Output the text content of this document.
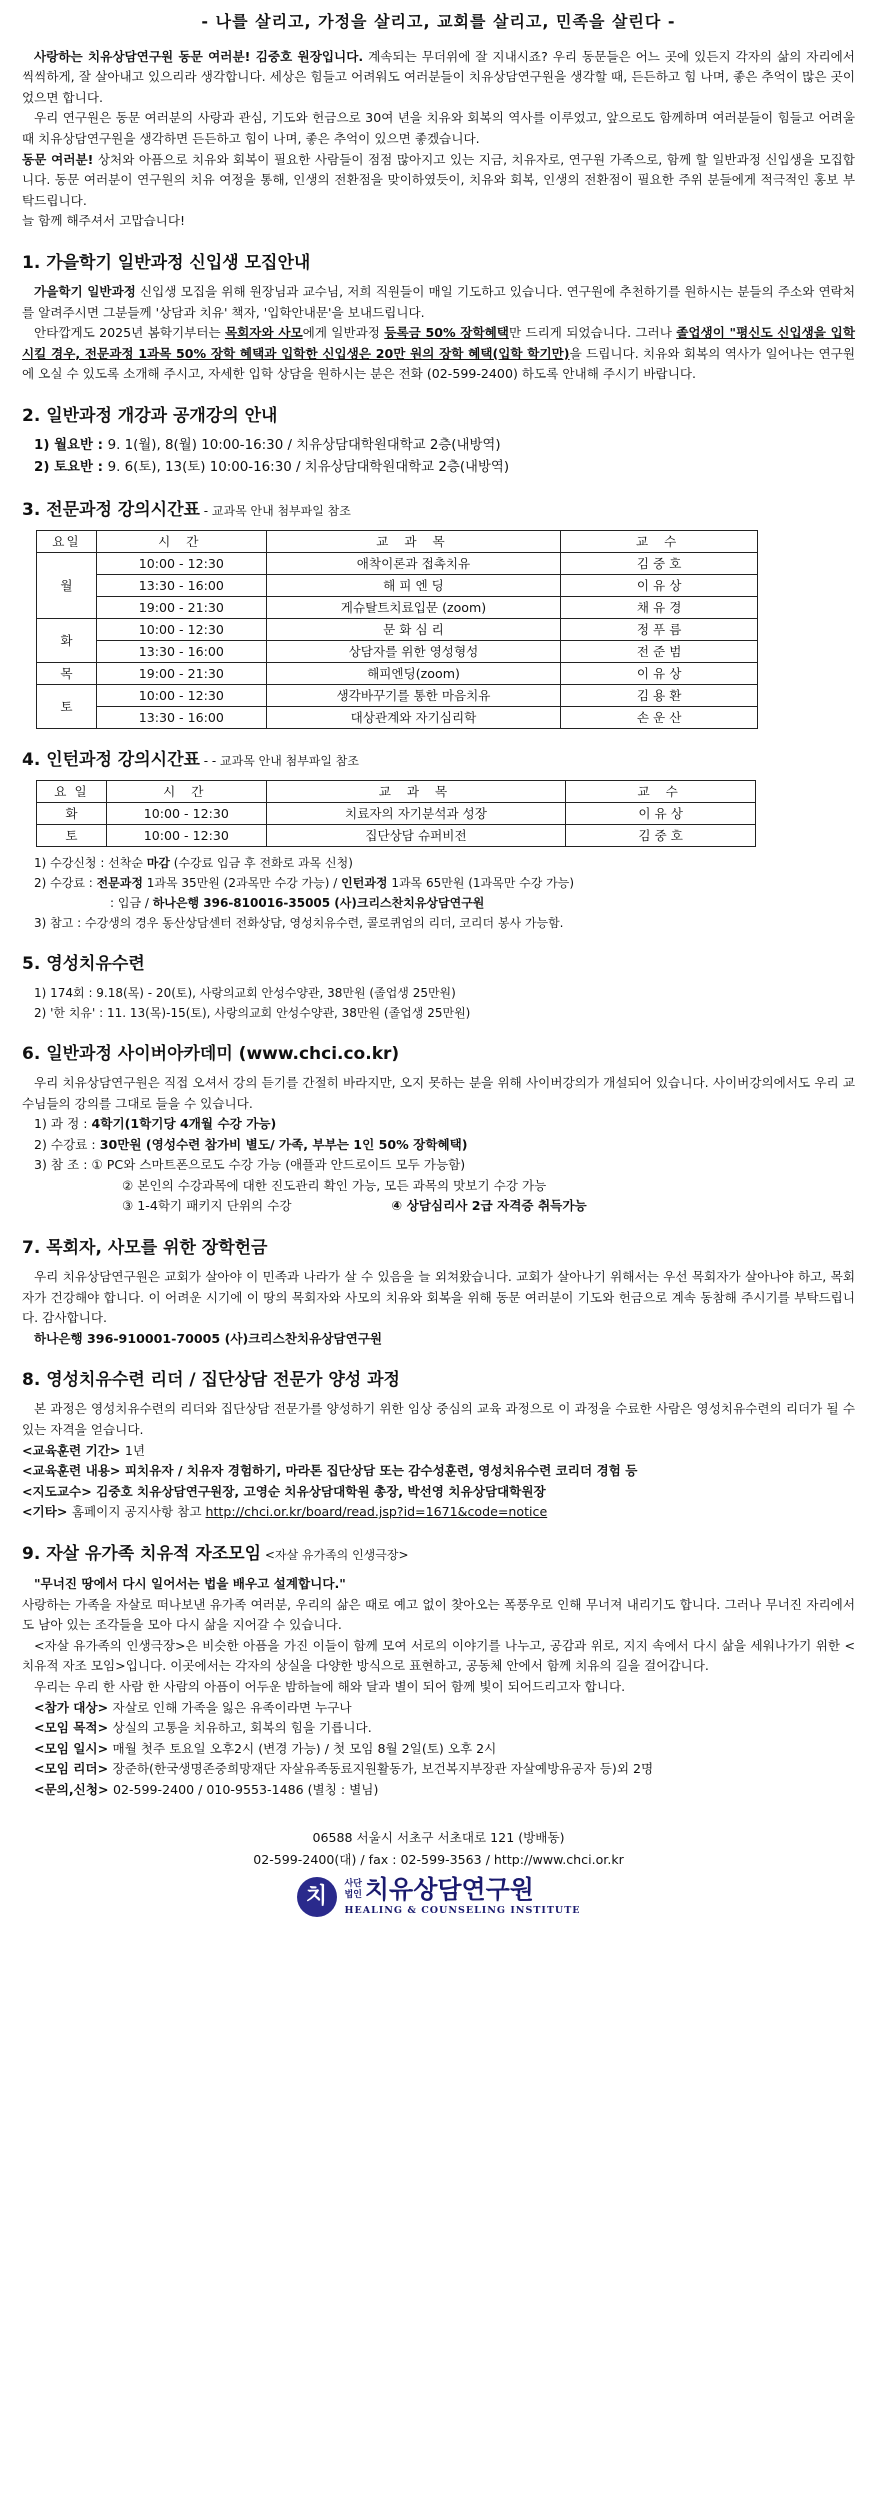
- 나를 살리고, 가정을 살리고, 교회를 살리고, 민족을 살린다 -

사랑하는 치유상담연구원 동문 여러분! 김중호 원장입니다. 계속되는 무더위에 잘 지내시죠? 우리 동문들은 어느 곳에 있든지 각자의 삶의 자리에서 씩씩하게, 잘 살아내고 있으리라 생각합니다. 세상은 힘들고 어려워도 여러분들이 치유상담연구원을 생각할 때, 든든하고 힘 나며, 좋은 추억이 많은 곳이었으면 합니다.

우리 연구원은 동문 여러분의 사랑과 관심, 기도와 헌금으로 30여 년을 치유와 회복의 역사를 이루었고, 앞으로도 함께하며 여러분들이 힘들고 어려울 때 치유상담연구원을 생각하면 든든하고 힘이 나며, 좋은 추억이 있으면 좋겠습니다.

동문 여러분! 상처와 아픔으로 치유와 회복이 필요한 사람들이 점점 많아지고 있는 지금, 치유자로, 연구원 가족으로, 함께 할 일반과정 신입생을 모집합니다. 동문 여러분이 연구원의 치유 여정을 통해, 인생의 전환점을 맞이하였듯이, 치유와 회복, 인생의 전환점이 필요한 주위 분들에게 적극적인 홍보 부탁드립니다.

늘 함께 해주셔서 고맙습니다!

1. 가을학기 일반과정 신입생 모집안내

가을학기 일반과정 신입생 모집을 위해 원장님과 교수님, 저희 직원들이 매일 기도하고 있습니다. 연구원에 추천하기를 원하시는 분들의 주소와 연락처를 알려주시면 그분들께 '상담과 치유' 책자, '입학안내문'을 보내드립니다.

안타깝게도 2025년 봄학기부터는 목회자와 사모에게 일반과정 등록금 50% 장학혜택만 드리게 되었습니다. 그러나 졸업생이 "평신도 신입생을 입학시킬 경우, 전문과정 1과목 50% 장학 혜택과 입학한 신입생은 20만 원의 장학 혜택(입학 학기만)을 드립니다. 치유와 회복의 역사가 일어나는 연구원에 오실 수 있도록 소개해 주시고, 자세한 입학 상담을 원하시는 분은 전화 (02-599-2400) 하도록 안내해 주시기 바랍니다.

2. 일반과정 개강과 공개강의 안내
1) 월요반 : 9. 1(월), 8(월) 10:00-16:30 / 치유상담대학원대학교 2층(내방역)
2) 토요반 : 9. 6(토), 13(토) 10:00-16:30 / 치유상담대학원대학교 2층(내방역)
3. 전문과정 강의시간표 - 교과목 안내 첨부파일 참조
요일	시 간	교 과 목	교 수
월	10:00 - 12:30	애착이론과 접촉치유	김 중 호
	13:30 - 16:00	해 피 엔 딩	이 유 상
	19:00 - 21:30	게슈탈트치료입문 (zoom)	채 유 경
화	10:00 - 12:30	문 화 심 리	정 푸 름
	13:30 - 16:00	상담자를 위한 영성형성	전 준 범
목	19:00 - 21:30	해피엔딩(zoom)	이 유 상
토	10:00 - 12:30	생각바꾸기를 통한 마음치유	김 용 환
	13:30 - 16:00	대상관계와 자기심리학	손 운 산
4. 인턴과정 강의시간표 - - 교과목 안내 첨부파일 참조
요 일	시 간	교 과 목	교 수
화	10:00 - 12:30	치료자의 자기분석과 성장	이 유 상
토	10:00 - 12:30	집단상담 슈퍼비전	김 중 호
1) 수강신청 : 선착순 마감 (수강료 입금 후 전화로 과목 신청)
2) 수강료 : 전문과정 1과목 35만원 (2과목만 수강 가능) / 인턴과정 1과목 65만원 (1과목만 수강 가능)
: 입금 / 하나은행 396-810016-35005 (사)크리스찬치유상담연구원
3) 참고 : 수강생의 경우 동산상담센터 전화상담, 영성치유수련, 콜로퀴엄의 리더, 코리더 봉사 가능함.
5. 영성치유수련
1) 174회 : 9.18(목) - 20(토), 사랑의교회 안성수양관, 38만원 (졸업생 25만원)
2) '한 치유' : 11. 13(목)-15(토), 사랑의교회 안성수양관, 38만원 (졸업생 25만원)
6. 일반과정 사이버아카데미 (www.chci.co.kr)

우리 치유상담연구원은 직접 오셔서 강의 듣기를 간절히 바라지만, 오지 못하는 분을 위해 사이버강의가 개설되어 있습니다. 사이버강의에서도 우리 교수님들의 강의를 그대로 들을 수 있습니다.

1) 과 정 : 4학기(1학기당 4개월 수강 가능)
2) 수강료 : 30만원 (영성수련 참가비 별도/ 가족, 부부는 1인 50% 장학혜택)
3) 참 조 : ① PC와 스마트폰으로도 수강 가능 (애플과 안드로이드 모두 가능함)
② 본인의 수강과목에 대한 진도관리 확인 가능, 모든 과목의 맛보기 수강 가능
③ 1-4학기 패키지 단위의 수강	④ 상담심리사 2급 자격증 취득가능
7. 목회자, 사모를 위한 장학헌금

우리 치유상담연구원은 교회가 살아야 이 민족과 나라가 살 수 있음을 늘 외쳐왔습니다. 교회가 살아나기 위해서는 우선 목회자가 살아나야 하고, 목회자가 건강해야 합니다. 이 어려운 시기에 이 땅의 목회자와 사모의 치유와 회복을 위해 동문 여러분이 기도와 헌금으로 계속 동참해 주시기를 부탁드립니다. 감사합니다.

하나은행 396-910001-70005 (사)크리스찬치유상담연구원
8. 영성치유수련 리더 / 집단상담 전문가 양성 과정

본 과정은 영성치유수련의 리더와 집단상담 전문가를 양성하기 위한 임상 중심의 교육 과정으로 이 과정을 수료한 사람은 영성치유수련의 리더가 될 수 있는 자격을 얻습니다.

<교육훈련 기간> 1년
<교육훈련 내용> 피치유자 / 치유자 경험하기, 마라톤 집단상담 또는 감수성훈련, 영성치유수련 코리더 경험 등
<지도교수> 김중호 치유상담연구원장, 고영순 치유상담대학원 총장, 박선영 치유상담대학원장
<기타> 홈페이지 공지사항 참고 http://chci.or.kr/board/read.jsp?id=1671&code=notice
9. 자살 유가족 치유적 자조모임 <자살 유가족의 인생극장>
"무너진 땅에서 다시 일어서는 법을 배우고 설계합니다."

사랑하는 가족을 자살로 떠나보낸 유가족 여러분, 우리의 삶은 때로 예고 없이 찾아오는 폭풍우로 인해 무너져 내리기도 합니다. 그러나 무너진 자리에서도 남아 있는 조각들을 모아 다시 삶을 지어갈 수 있습니다.

<자살 유가족의 인생극장>은 비슷한 아픔을 가진 이들이 함께 모여 서로의 이야기를 나누고, 공감과 위로, 지지 속에서 다시 삶을 세워나가기 위한 <치유적 자조 모임>입니다. 이곳에서는 각자의 상실을 다양한 방식으로 표현하고, 공동체 안에서 함께 치유의 길을 걸어갑니다.

우리는 우리 한 사람 한 사람의 아픔이 어두운 밤하늘에 해와 달과 별이 되어 함께 빛이 되어드리고자 합니다.

<참가 대상> 자살로 인해 가족을 잃은 유족이라면 누구나
<모임 목적> 상실의 고통을 치유하고, 회복의 힘을 기릅니다.
<모임 일시> 매월 첫주 토요일 오후2시 (변경 가능) / 첫 모임 8월 2일(토) 오후 2시
<모임 리더> 장준하(한국생명존중희망재단 자살유족동료지원활동가, 보건복지부장관 자살예방유공자 등)외 2명
<문의,신청> 02-599-2400 / 010-9553-1486 (별칭 : 별님)
06588 서울시 서초구 서초대로 121 (방배동)
02-599-2400(대) / fax : 02-599-3563 / http://www.chci.or.kr
치	사단
법인 치유상담연구원
HEALING & COUNSELING INSTITUTE
